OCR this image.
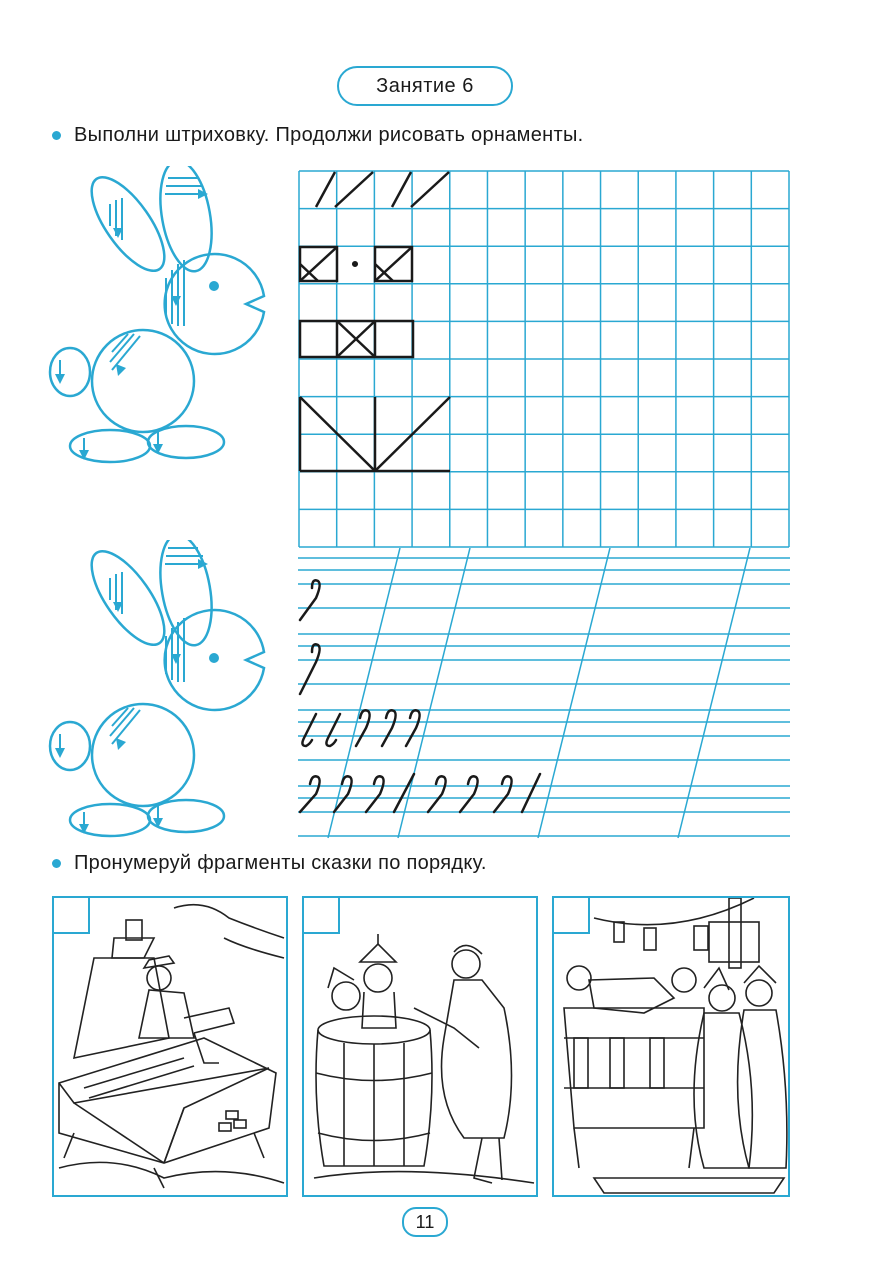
Занятие 6
Выполни штриховку. Продолжи рисовать орнаменты.
Пронумеруй фрагменты сказки по порядку.
11
